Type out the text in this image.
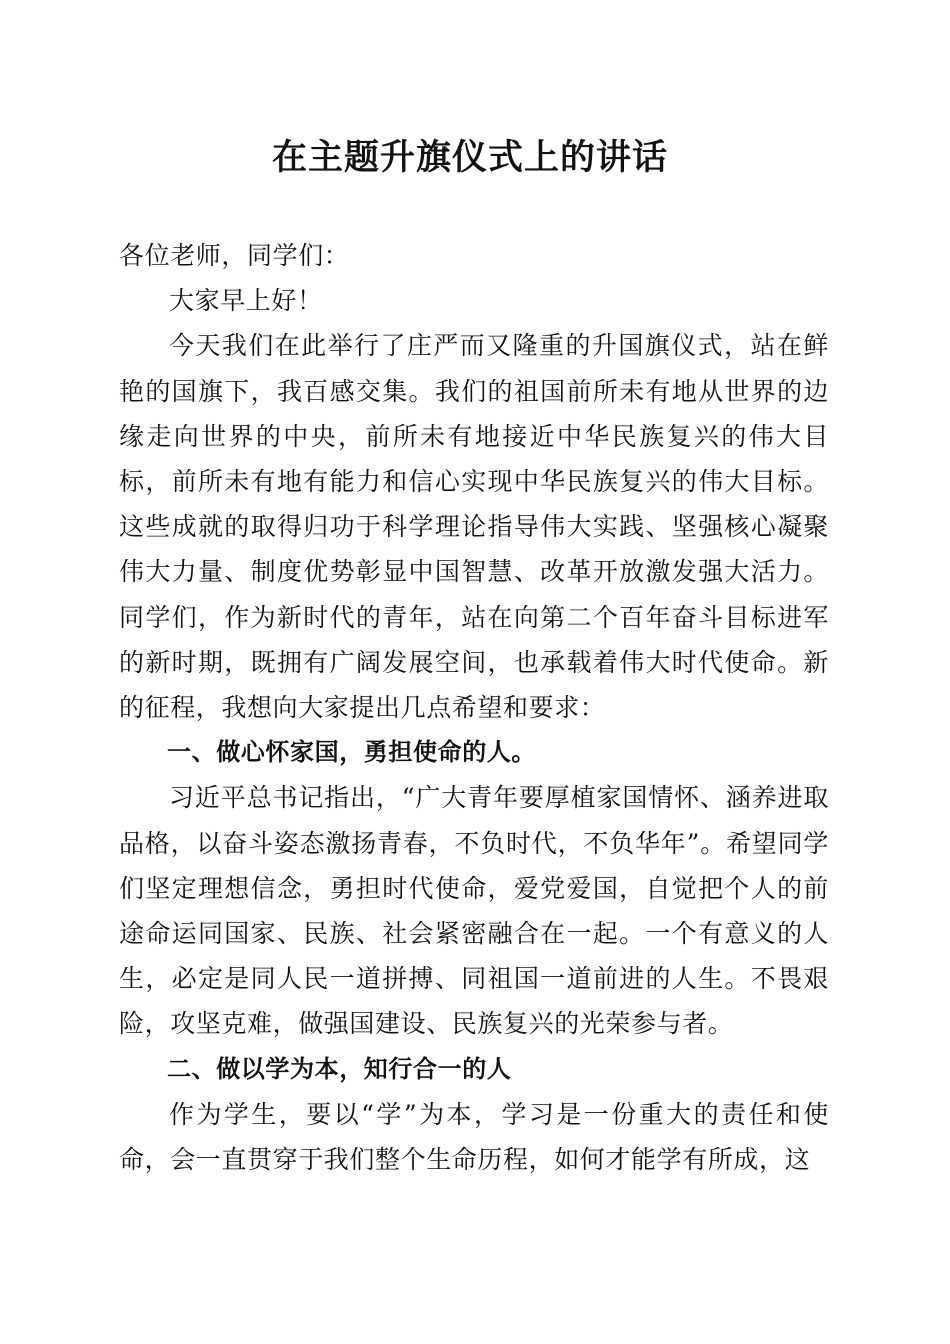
在主题升旗仪式上的讲话

各位老师，同学们：

大家早上好！

今天我们在此举行了庄严而又隆重的升国旗仪式，站在鲜艳的国旗下，我百感交集。我们的祖国前所未有地从世界的边缘走向世界的中央，前所未有地接近中华民族复兴的伟大目标，前所未有地有能力和信心实现中华民族复兴的伟大目标。这些成就的取得归功于科学理论指导伟大实践、坚强核心凝聚伟大力量、制度优势彰显中国智慧、改革开放激发强大活力。同学们，作为新时代的青年，站在向第二个百年奋斗目标进军的新时期，既拥有广阔发展空间，也承载着伟大时代使命。新的征程，我想向大家提出几点希望和要求：

一、做心怀家国，勇担使命的人。

习近平总书记指出，“广大青年要厚植家国情怀、涵养进取品格，以奋斗姿态激扬青春，不负时代，不负华年”。希望同学们坚定理想信念，勇担时代使命，爱党爱国，自觉把个人的前途命运同国家、民族、社会紧密融合在一起。一个有意义的人生，必定是同人民一道拼搏、同祖国一道前进的人生。不畏艰险，攻坚克难，做强国建设、民族复兴的光荣参与者。

二、做以学为本，知行合一的人

作为学生，要以“学”为本，学习是一份重大的责任和使命，会一直贯穿于我们整个生命历程，如何才能学有所成，这
